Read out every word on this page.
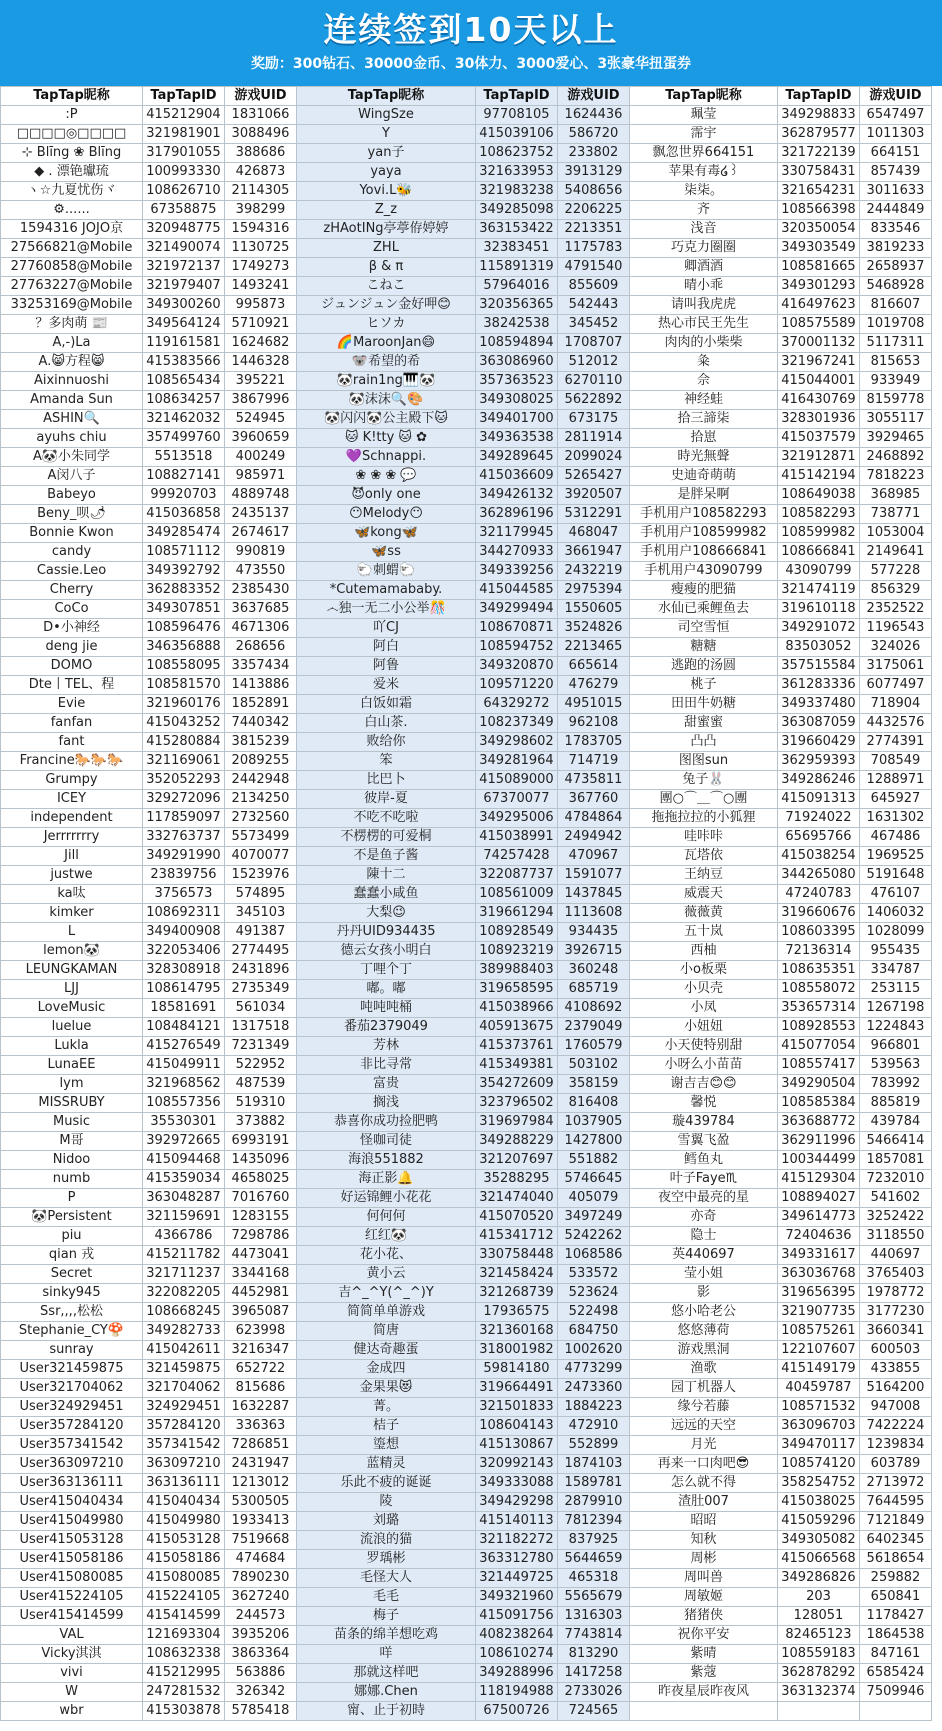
连续签到10天以上
奖励：300钻石、30000金币、30体力、3000爱心、3张豪华扭蛋券
TapTap昵称	TapTapID	游戏UID	TapTap昵称	TapTapID	游戏UID	TapTap昵称	TapTapID	游戏UID
:P	415212904	1831066	WingSze	97708105	1624436	珮莹	349298833	6547497
□□□□◎□□□□	321981901	3088496	Y	415039106	586720	霈宇	362879577	1011303
⊹ Blīng ❀ Blīng	317901055	388686	yan子	108623752	233802	飘忽世界664151	321722139	664151
◆ . 漂铯瓛琉	100993330	426873	yaya	321633953	3913129	苹果有毒໒꒱	330758431	857439
ヽ☆九夏忧伤ヾ	108626710	2114305	Yovi.L🐝	321983238	5408656	柒柒。	321654231	3011633
⚙......	67358875	398299	Z_z	349285098	2206225	齐	108566398	2444849
1594316 JOJO京	320948775	1594316	zHAotINg亭葶侟婷婷	363153422	2213351	浅音	320350054	833546
27566821@Mobile	321490074	1130725	ZHL	32383451	1175783	巧克力圈圈	349303549	3819233
27760858@Mobile	321972137	1749273	β & π	115891319	4791540	卿酒酒	108581665	2658937
27763227@Mobile	321979407	1493241	こねこ	57964016	855609	晴小乖	349301293	5468928
33253169@Mobile	349300260	995873	ジュンジュン金好呷😊	320356365	542443	请叫我虎虎	416497623	816607
？多肉萌 📰	349564124	5710921	ヒソカ	38242538	345452	热心市民王先生	108575589	1019708
A,-)La	119161581	1624682	🌈MaroonJan😄	108594894	1708707	肉肉的小柴柴	370001132	5117311
A.😸方程😸	415383566	1446328	🐨希望的希	363086960	512012	粂	321967241	815653
Aixinnuoshi	108565434	395221	🐼rain1ng🎹🐼	357363523	6270110	佘	415044001	933949
Amanda Sun	108634257	3867996	🐼沫沫🔍🎨	349308025	5622892	神经蛙	416430769	8159778
ASHIN🔍	321462032	524945	🐼闪闪🐼公主殿下🐱	349401700	673175	拾三諦柒	328301936	3055117
ayuhs chiu	357499760	3960659	🐱 K!tty 🐱 ✿	349363538	2811914	拾崽	415037579	3929465
A🐼小朱同学	5513518	400249	💜Schnappi.	349289645	2099024	時光無聲	321912871	2468892
A闵八子	108827141	985971	❀ ❀ ❀ 💬	415036609	5265427	史迪奇萌萌	415142194	7818223
Babeyo	99920703	4889748	😈only one	349426132	3920507	是胖呆啊	108649038	368985
Beny_呗🌶	415036858	2435137	😶Melody😶	362896196	5312291	手机用户108582293	108582293	738771
Bonnie Kwon	349285474	2674617	🦋kong🦋	321179945	468047	手机用户108599982	108599982	1053004
candy	108571112	990819	🦋ss	344270933	3661947	手机用户108666841	108666841	2149641
Cassie.Leo	349392792	473550	🐑刺蝟🐑	349339256	2432219	手机用户43090799	43090799	577228
Cherry	362883352	2385430	*Cutemamababy.	415044585	2975394	瘦瘦的肥猫	321474119	856329
CoCo	349307851	3637685	෴独一无二小公举🎊	349299494	1550605	水仙已乘鲤鱼去	319610118	2352522
D•小神经	108596476	4671306	吖CJ	108670871	3524826	司空雪恒	349291072	1196543
deng jie	346356888	268656	阿白	108594752	2213465	糖糖	83503052	324026
DOMO	108558095	3357434	阿鲁	349320870	665614	逃跑的汤圆	357515584	3175061
Dte丨TEL、程	108581570	1413886	爱米	109571220	476279	桃子	361283336	6077497
Evie	321960176	1852891	白饭如霜	64329272	4951015	田田牛奶糖	349337480	718904
fanfan	415043252	7440342	白山茶.	108237349	962108	甜蜜蜜	363087059	4432576
fant	415280884	3815239	败给你	349298602	1783705	凸凸	319660429	2774391
Francine🐎🐎🐎	321169061	2089255	笨	349281964	714719	图图sun	362959393	708549
Grumpy	352052293	2442948	比巴卜	415089000	4735811	兔子🐰	349286246	1288971
ICEY	329272096	2134250	彼岸-夏	67370077	367760	團○⌒＿⌒○團	415091313	645927
independent	117859097	2732560	不吃不吃啦	349295006	4784864	拖拖拉拉的小狐狸	71924022	1631302
Jerrrrrrry	332763737	5573499	不楞楞的可爱桐	415038991	2494942	哇咔咔	65695766	467486
Jill	349291990	4070077	不是鱼子酱	74257428	470967	瓦塔依	415038254	1969525
justwe	23839756	1523976	陳十二	322087737	1591077	王纳豆	344265080	5191648
ka呔	3756573	574895	蠢蠢小咸鱼	108561009	1437845	威震天	47240783	476107
kimker	108692311	345103	大梨😉	319661294	1113608	薇薇黄	319660676	1406032
L	349400908	491387	丹丹UID934435	108928549	934435	五十岚	108603395	1028099
lemon🐼	322053406	2774495	德云女孩小明白	108923219	3926715	西柚	72136314	955435
LEUNGKAMAN	328308918	2431896	丁哩个丁	389988403	360248	小o板栗	108635351	334787
LJJ	108614795	2735349	嘟。嘟	319658595	685719	小贝壳	108558072	253115
LoveMusic	18581691	561034	吨吨吨桶	415038966	4108692	小凤	353657314	1267198
luelue	108484121	1317518	番茄2379049	405913675	2379049	小妞妞	108928553	1224843
Lukla	415276549	7231349	芳林	415373761	1760579	小天使特别甜	415077054	966801
LunaEE	415049911	522952	非比寻常	415349381	503102	小呀么小苗苗	108557417	539563
lym	321968562	487539	富贵	354272609	358159	谢吉吉😊😊	349290504	783992
MISSRUBY	108557356	519310	搁浅	323796502	816408	馨悦	108585384	885819
Music	35530301	373882	恭喜你成功捡肥鸭	319697984	1037905	璇439784	363688772	439784
M哥	392972665	6993191	怪咖司徒	349288229	1427800	雪翼飞盈	362911996	5466414
Nidoo	415094468	1435096	海浪551882	321207697	551882	鳕鱼丸	100344499	1857081
numb	415359034	4658025	海正影🔔	35288295	5746645	叶子Faye♏	415129304	7232010
P	363048287	7016760	好运锦鲤小花花	321474040	405079	夜空中最亮的星	108894027	541602
🐼Persistent	321159691	1283155	何何何	415070520	3497249	亦奇	349614773	3252422
piu	4366786	7298786	红红🐼	415341712	5242262	隐士	72404636	3118550
qian 戎	415211782	4473041	花小花、	330758448	1068586	英440697	349331617	440697
Secret	321711237	3344168	黄小云	321458424	533572	莹小姐	363036768	3765403
sinky945	322082205	4452981	吉^_^Y(^_^)Y	321268739	523624	影	319656395	1978772
Ssr,,,,松松	108668245	3965087	简简单单游戏	17936575	522498	悠小哈老公	321907735	3177230
Stephanie_CY🍄	349282733	623998	简唐	321360168	684750	悠悠薄荷	108575261	3660341
sunray	415042611	3216347	健达奇趣蛋	318001982	1002620	游戏黑洞	122107607	600503
User321459875	321459875	652722	金成四	59814180	4773299	渔歌	415149179	433855
User321704062	321704062	815686	金果果😻	319664491	2473360	园丁机器人	40459787	5164200
User324929451	324929451	1632287	菁。	321501833	1884223	缘兮若藤	108571532	947008
User357284120	357284120	336363	桔子	108604143	472910	远远的天空	363096703	7422224
User357341542	357341542	7286851	瑬想	415130867	552899	月光	349470117	1239834
User363097210	363097210	2431947	蓝精灵	320992143	1874103	再来一口肉吧😎	108574120	603789
User363136111	363136111	1213012	乐此不疲的诞诞	349333088	1589781	怎么就不得	358254752	2713972
User415040434	415040434	5300505	陵	349429298	2879910	渣肚007	415038025	7644595
User415049980	415049980	1933413	刘璐	415140113	7812394	昭昭	415059296	7121849
User415053128	415053128	7519668	流浪的猫	321182272	837925	知秋	349305082	6402345
User415058186	415058186	474684	罗瑀彬	363312780	5644659	周彬	415066568	5618654
User415080085	415080085	7890230	毛怪大人	321449725	465318	周叫兽	349286826	259882
User415224105	415224105	3627240	毛毛	349321960	5565679	周敏姬	203	650841
User415414599	415414599	244573	梅子	415091756	1316303	猪猪侠	128051	1178427
VAL	121693304	3935206	苗条的绵羊想吃鸡	408238264	7743814	祝你平安	82465123	1864538
Vicky淇淇	108632338	3863364	咩	108610274	813290	紫晴	108559183	847161
vivi	415212995	563886	那就这样吧	349288996	1417258	紫蔻	362878292	6585424
W	247281532	326342	娜娜.Chen	118194988	2733026	昨夜星辰昨夜风	363132374	7509946
wbr	415303878	5785418	甯、止于初時	67500726	724565			
